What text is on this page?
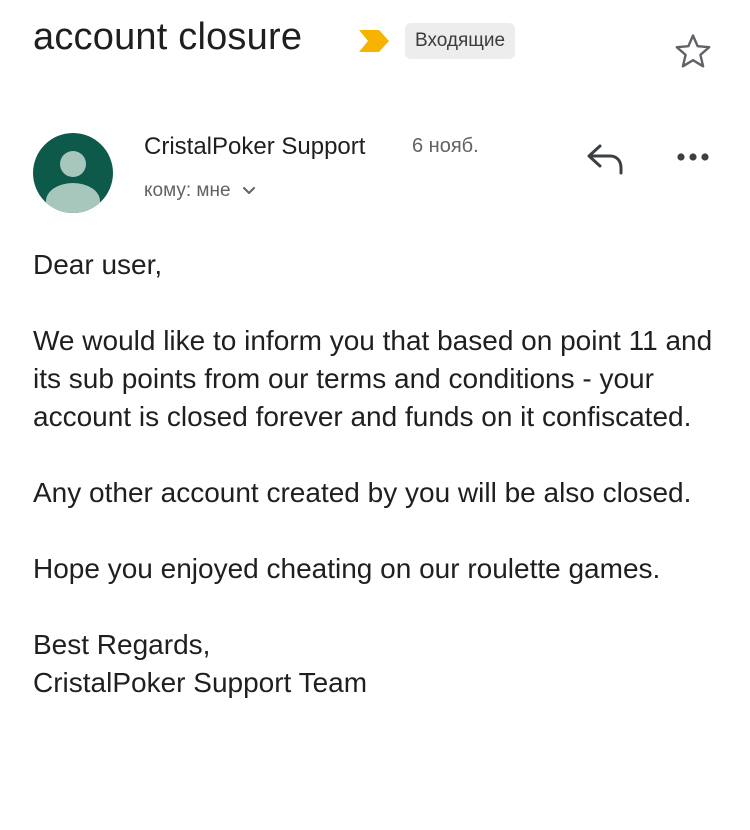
account closure	Входящие
CristalPoker Support 6 нояб.
кому: мне

Dear user,

We would like to inform you that based on point 11 and its sub points from our terms and conditions - your account is closed forever and funds on it confiscated.

Any other account created by you will be also closed.

Hope you enjoyed cheating on our roulette games.

Best Regards,
CristalPoker Support Team
